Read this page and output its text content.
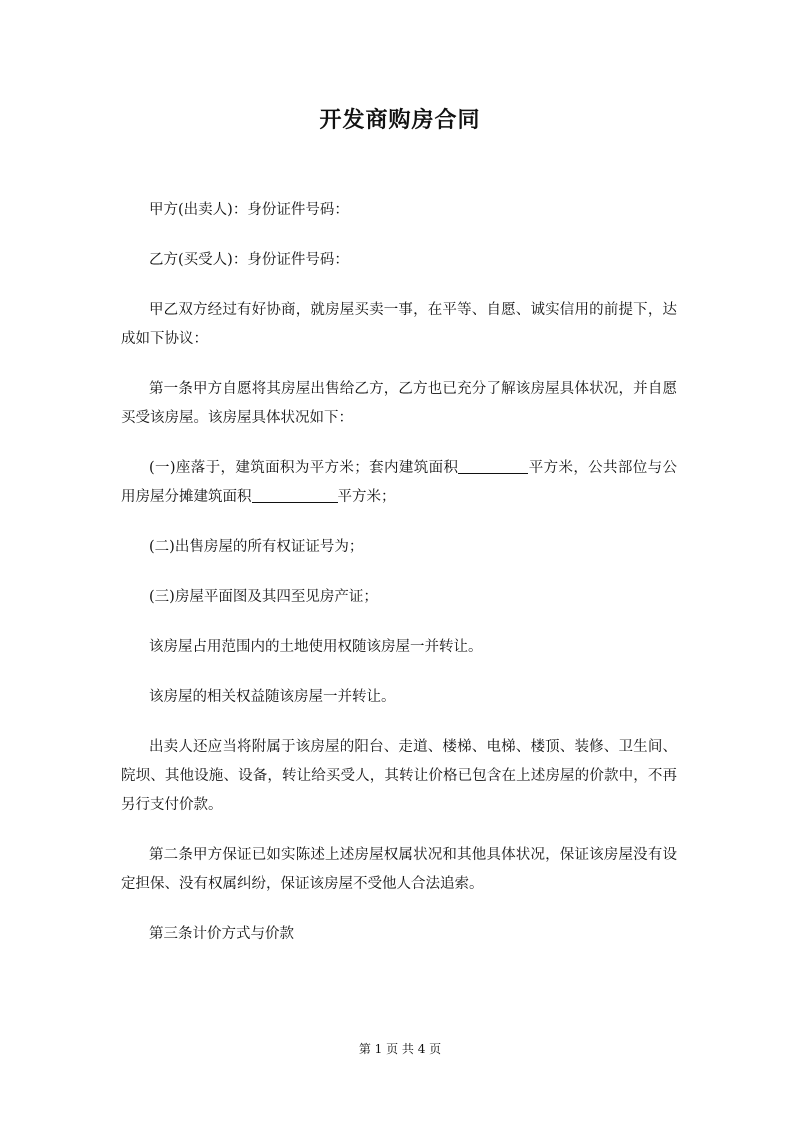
开发商购房合同

甲方(出卖人)：身份证件号码：

乙方(买受人)：身份证件号码：

甲乙双方经过有好协商，就房屋买卖一事，在平等、自愿、诚实信用的前提下，达成如下协议：

第一条甲方自愿将其房屋出售给乙方，乙方也已充分了解该房屋具体状况，并自愿买受该房屋。该房屋具体状况如下：

(一)座落于，建筑面积为平方米；套内建筑面积	平方米，公共部位与公用房屋分摊建筑面积	平方米；

(二)出售房屋的所有权证证号为；

(三)房屋平面图及其四至见房产证；

该房屋占用范围内的土地使用权随该房屋一并转让。

该房屋的相关权益随该房屋一并转让。

出卖人还应当将附属于该房屋的阳台、走道、楼梯、电梯、楼顶、装修、卫生间、院坝、其他设施、设备，转让给买受人，其转让价格已包含在上述房屋的价款中，不再另行支付价款。

第二条甲方保证已如实陈述上述房屋权属状况和其他具体状况，保证该房屋没有设定担保、没有权属纠纷，保证该房屋不受他人合法追索。

第三条计价方式与价款

第 1 页 共 4 页
